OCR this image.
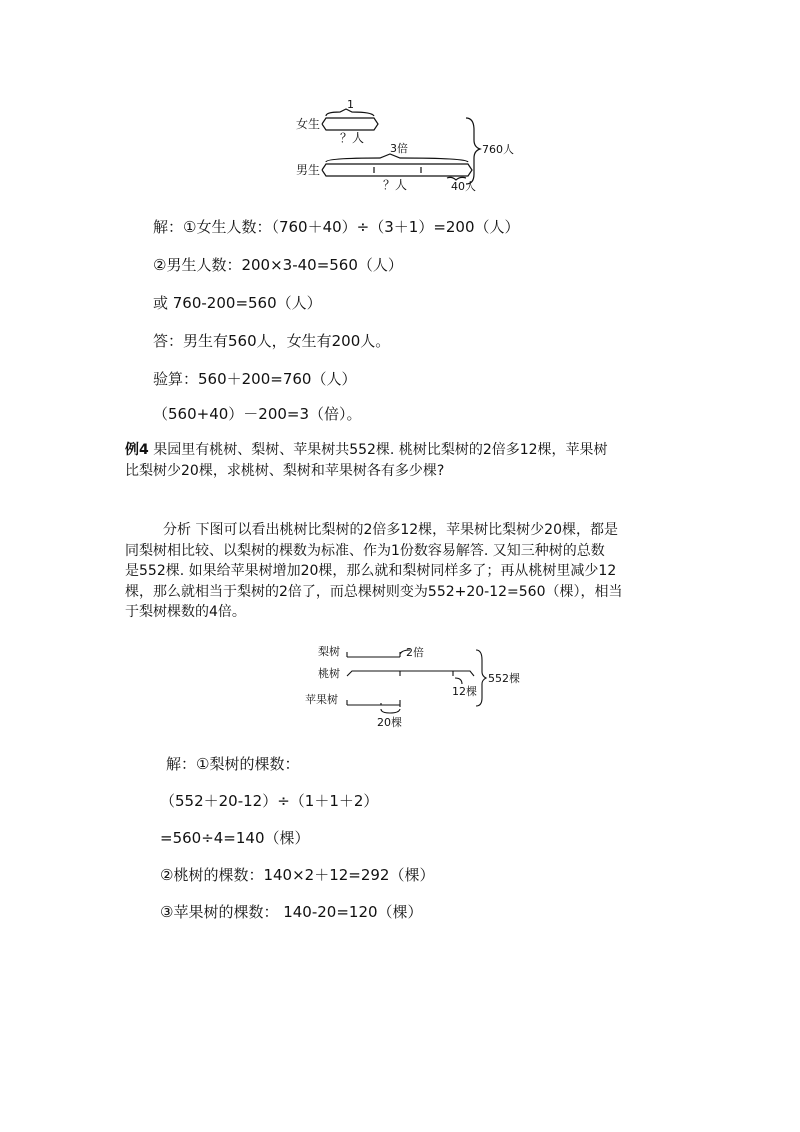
女生
1
？人
3倍
男生
？人	40人
760人
解：①女生人数：（760＋40）÷（3＋1）=200（人）
②男生人数：200×3-40=560（人）
或 760-200=560（人）
答：男生有560人，女生有200人。
验算：560＋200=760（人）
（560+40）－200=3（倍）。
例4 果园里有桃树、梨树、苹果树共552棵. 桃树比梨树的2倍多12棵，苹果树
比梨树少20棵，求桃树、梨树和苹果树各有多少棵?
分析 下图可以看出桃树比梨树的2倍多12棵，苹果树比梨树少20棵，都是
同梨树相比较、以梨树的棵数为标准、作为1份数容易解答. 又知三种树的总数
是552棵. 如果给苹果树增加20棵，那么就和梨树同样多了；再从桃树里减少12
棵，那么就相当于梨树的2倍了，而总棵树则变为552+20-12=560（棵），相当
于梨树棵数的4倍。
梨树	2倍
桃树
12棵
苹果树
20棵
552棵
解：①梨树的棵数：
（552＋20-12）÷（1＋1＋2）
=560÷4=140（棵）
②桃树的棵数：140×2＋12=292（棵）
③苹果树的棵数： 140-20=120（棵）
